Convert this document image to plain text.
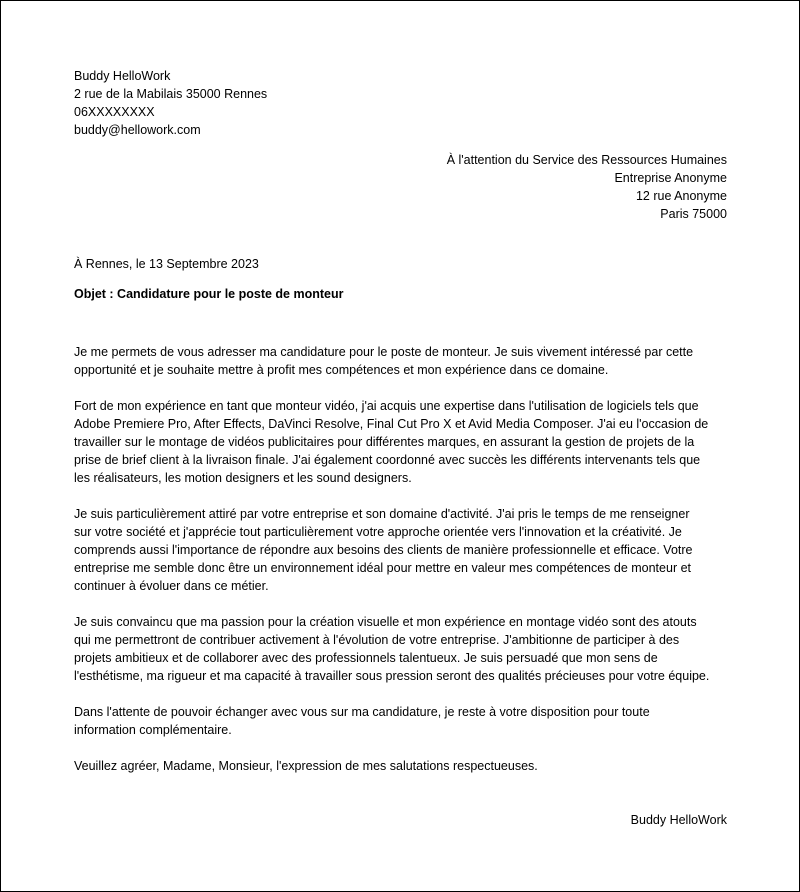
Buddy HelloWork
2 rue de la Mabilais 35000 Rennes
06XXXXXXXX
buddy@hellowork.com
À l'attention du Service des Ressources Humaines
Entreprise Anonyme
12 rue Anonyme
Paris 75000
À Rennes, le 13 Septembre 2023
Objet : Candidature pour le poste de monteur
Je me permets de vous adresser ma candidature pour le poste de monteur. Je suis vivement intéressé par cette
opportunité et je souhaite mettre à profit mes compétences et mon expérience dans ce domaine.
Fort de mon expérience en tant que monteur vidéo, j'ai acquis une expertise dans l'utilisation de logiciels tels que
Adobe Premiere Pro, After Effects, DaVinci Resolve, Final Cut Pro X et Avid Media Composer. J'ai eu l'occasion de
travailler sur le montage de vidéos publicitaires pour différentes marques, en assurant la gestion de projets de la
prise de brief client à la livraison finale. J'ai également coordonné avec succès les différents intervenants tels que
les réalisateurs, les motion designers et les sound designers.
Je suis particulièrement attiré par votre entreprise et son domaine d'activité. J'ai pris le temps de me renseigner
sur votre société et j'apprécie tout particulièrement votre approche orientée vers l'innovation et la créativité. Je
comprends aussi l'importance de répondre aux besoins des clients de manière professionnelle et efficace. Votre
entreprise me semble donc être un environnement idéal pour mettre en valeur mes compétences de monteur et
continuer à évoluer dans ce métier.
Je suis convaincu que ma passion pour la création visuelle et mon expérience en montage vidéo sont des atouts
qui me permettront de contribuer activement à l'évolution de votre entreprise. J'ambitionne de participer à des
projets ambitieux et de collaborer avec des professionnels talentueux. Je suis persuadé que mon sens de
l'esthétisme, ma rigueur et ma capacité à travailler sous pression seront des qualités précieuses pour votre équipe.
Dans l'attente de pouvoir échanger avec vous sur ma candidature, je reste à votre disposition pour toute
information complémentaire.
Veuillez agréer, Madame, Monsieur, l'expression de mes salutations respectueuses.
Buddy HelloWork
